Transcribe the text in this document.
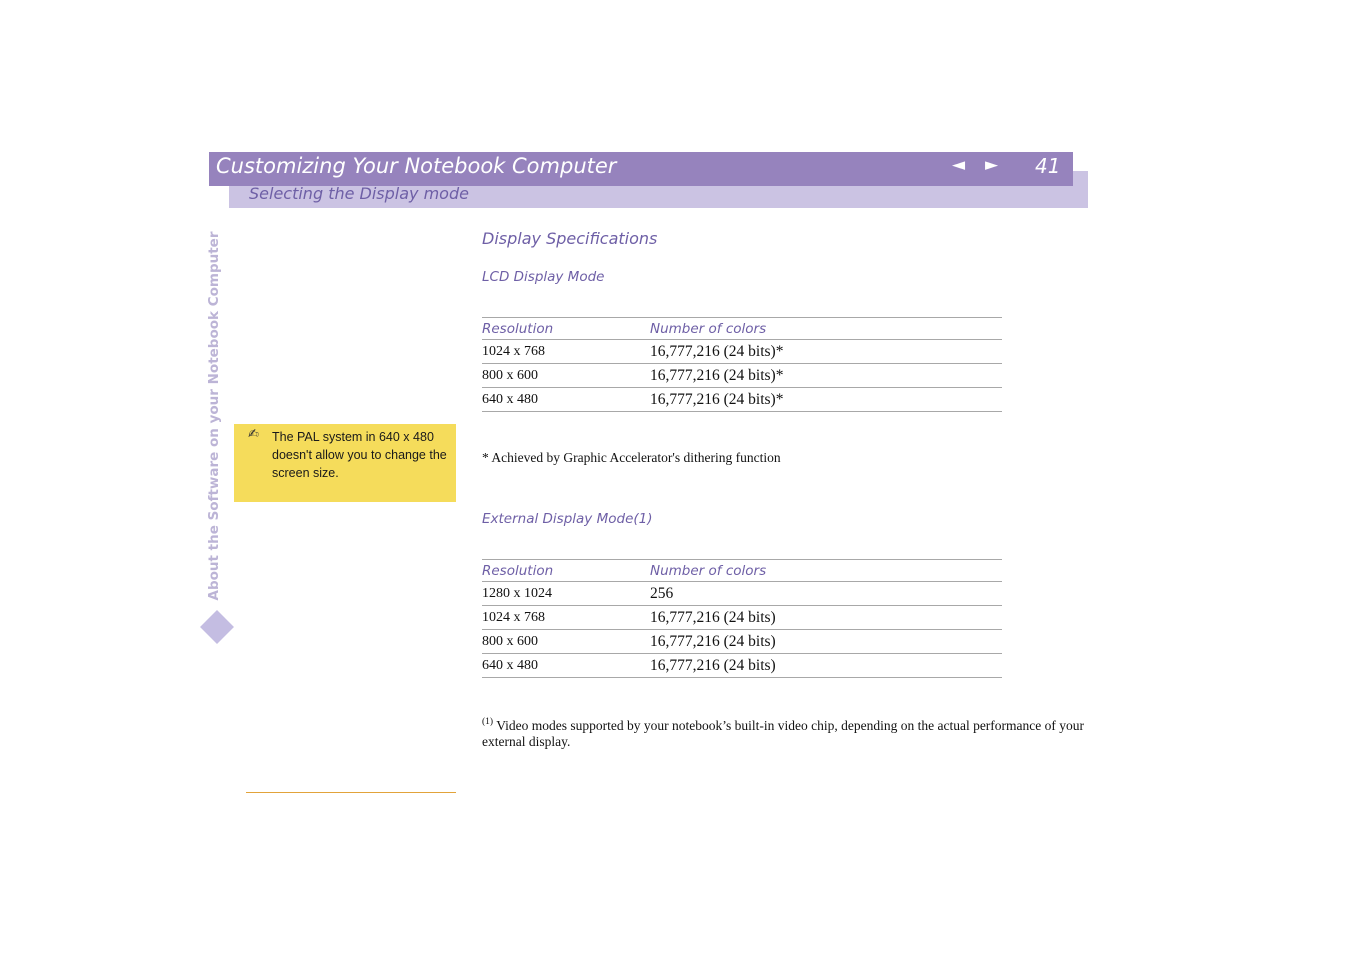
Customizing Your Notebook Computer	◄ ► 41
Selecting the Display mode
About the Software on your Notebook Computer ✍ The PAL system in 640 x 480 doesn't allow you to change the screen size.
Display Specifications
LCD Display Mode
Resolution	Number of colors
1024 x 768	16,777,216 (24 bits)*
800 x 600	16,777,216 (24 bits)*
640 x 480	16,777,216 (24 bits)*
* Achieved by Graphic Accelerator's dithering function
External Display Mode(1)
Resolution	Number of colors
1280 x 1024	256
1024 x 768	16,777,216 (24 bits)
800 x 600	16,777,216 (24 bits)
640 x 480	16,777,216 (24 bits)
$^{(1)}$ Video modes supported by your notebook’s built-in video chip, depending on the actual performance of your external display.
